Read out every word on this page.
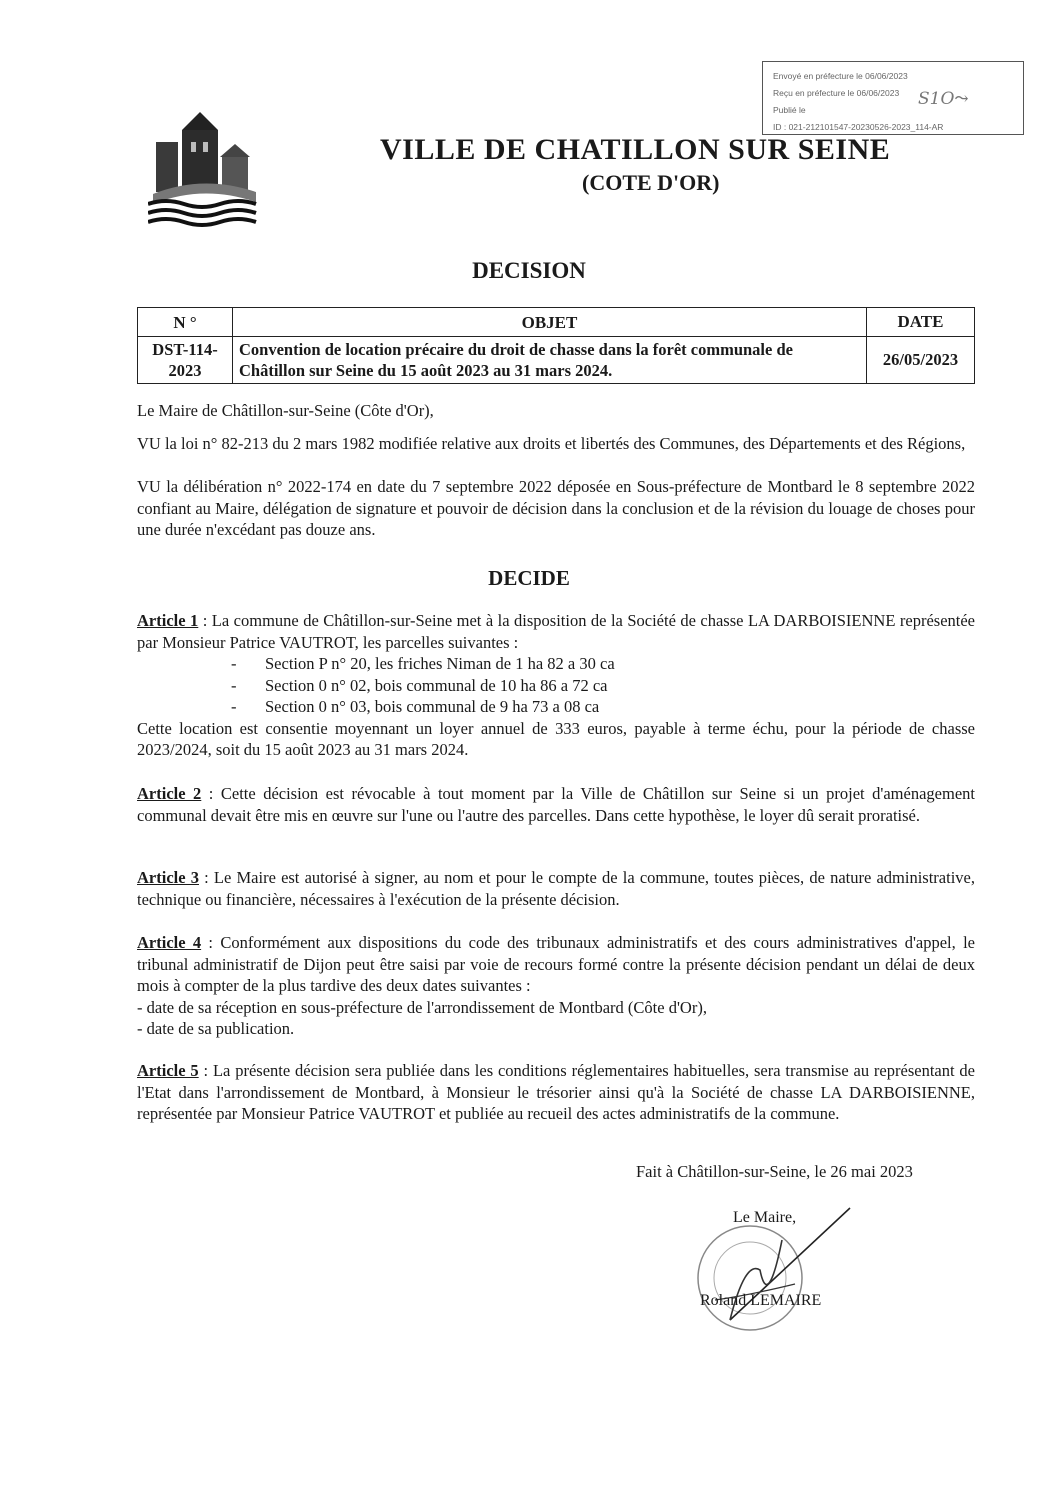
Envoyé en préfecture le 06/06/2023
Reçu en préfecture le 06/06/2023
Publié le
ID : 021-212101547-20230526-2023_114-AR
S1O⤳
VILLE DE CHATILLON SUR SEINE
(COTE D'OR)
DECISION
N °	OBJET	DATE
DST-114-2023	Convention de location précaire du droit de chasse dans la forêt communale de Châtillon sur Seine du 15 août 2023 au 31 mars 2024.	26/05/2023
Le Maire de Châtillon-sur-Seine (Côte d'Or),
VU la loi n° 82-213 du 2 mars 1982 modifiée relative aux droits et libertés des Communes, des Départements et des Régions,
VU la délibération n° 2022-174 en date du 7 septembre 2022 déposée en Sous-préfecture de Montbard le 8 septembre 2022 confiant au Maire, délégation de signature et pouvoir de décision dans la conclusion et de la révision du louage de choses pour une durée n'excédant pas douze ans.
DECIDE
Article 1 : La commune de Châtillon-sur-Seine met à la disposition de la Société de chasse LA DARBOISIENNE représentée par Monsieur Patrice VAUTROT, les parcelles suivantes :
- Section P n° 20, les friches Niman de 1 ha 82 a 30 ca
- Section 0 n° 02, bois communal de 10 ha 86 a 72 ca
- Section 0 n° 03, bois communal de 9 ha 73 a 08 ca
Cette location est consentie moyennant un loyer annuel de 333 euros, payable à terme échu, pour la période de chasse 2023/2024, soit du 15 août 2023 au 31 mars 2024.
Article 2 : Cette décision est révocable à tout moment par la Ville de Châtillon sur Seine si un projet d'aménagement communal devait être mis en œuvre sur l'une ou l'autre des parcelles. Dans cette hypothèse, le loyer dû serait proratisé.
Article 3 : Le Maire est autorisé à signer, au nom et pour le compte de la commune, toutes pièces, de nature administrative, technique ou financière, nécessaires à l'exécution de la présente décision.
Article 4 : Conformément aux dispositions du code des tribunaux administratifs et des cours administratives d'appel, le tribunal administratif de Dijon peut être saisi par voie de recours formé contre la présente décision pendant un délai de deux mois à compter de la plus tardive des deux dates suivantes :
- date de sa réception en sous-préfecture de l'arrondissement de Montbard (Côte d'Or),
- date de sa publication.
Article 5 : La présente décision sera publiée dans les conditions réglementaires habituelles, sera transmise au représentant de l'Etat dans l'arrondissement de Montbard, à Monsieur le trésorier ainsi qu'à la Société de chasse LA DARBOISIENNE, représentée par Monsieur Patrice VAUTROT et publiée au recueil des actes administratifs de la commune.
Fait à Châtillon-sur-Seine, le 26 mai 2023
Le Maire,
Roland LEMAIRE
